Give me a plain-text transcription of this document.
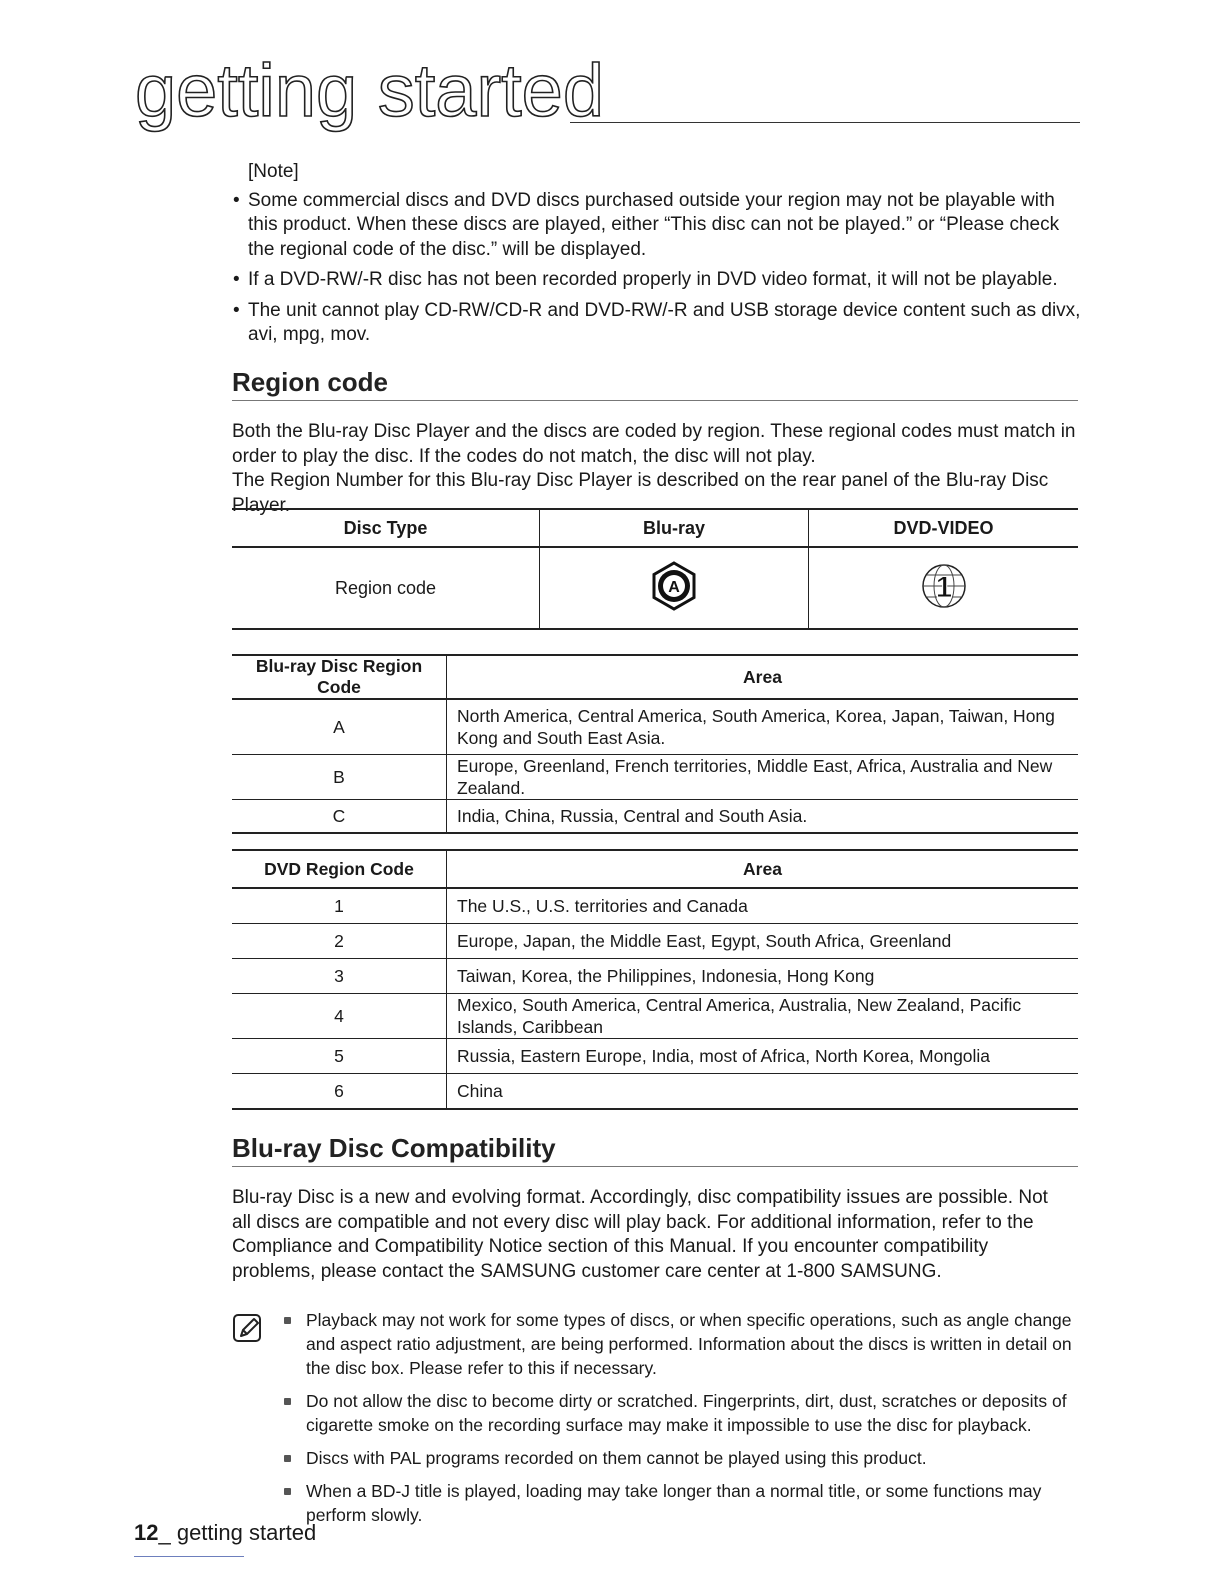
getting started
[Note]
• Some commercial discs and DVD discs purchased outside your region may not be playable with this product. When these discs are played, either “This disc can not be played.” or “Please check the regional code of the disc.” will be displayed.
• If a DVD-RW/-R disc has not been recorded properly in DVD video format, it will not be playable.
• The unit cannot play CD-RW/CD-R and DVD-RW/-R and USB storage device content such as divx, avi, mpg, mov.
Region code
Both the Blu-ray Disc Player and the discs are coded by region. These regional codes must match in order to play the disc. If the codes do not match, the disc will not play.
The Region Number for this Blu-ray Disc Player is described on the rear panel of the Blu-ray Disc Player.
Disc Type	Blu-ray	DVD-VIDEO
Region code	A	1
Blu-ray Disc Region Code	Area
A	North America, Central America, South America, Korea, Japan, Taiwan, Hong Kong and South East Asia.
B	Europe, Greenland, French territories, Middle East, Africa, Australia and New Zealand.
C	India, China, Russia, Central and South Asia.
DVD Region Code	Area
1	The U.S., U.S. territories and Canada
2	Europe, Japan, the Middle East, Egypt, South Africa, Greenland
3	Taiwan, Korea, the Philippines, Indonesia, Hong Kong
4	Mexico, South America, Central America, Australia, New Zealand, Pacific Islands, Caribbean
5	Russia, Eastern Europe, India, most of Africa, North Korea, Mongolia
6	China
Blu-ray Disc Compatibility
Blu-ray Disc is a new and evolving format. Accordingly, disc compatibility issues are possible. Not all discs are compatible and not every disc will play back. For additional information, refer to the Compliance and Compatibility Notice section of this Manual. If you encounter compatibility problems, please contact the SAMSUNG customer care center at 1-800 SAMSUNG.
Playback may not work for some types of discs, or when specific operations, such as angle change and aspect ratio adjustment, are being performed. Information about the discs is written in detail on the disc box. Please refer to this if necessary.
Do not allow the disc to become dirty or scratched. Fingerprints, dirt, dust, scratches or deposits of cigarette smoke on the recording surface may make it impossible to use the disc for playback.
Discs with PAL programs recorded on them cannot be played using this product.
When a BD-J title is played, loading may take longer than a normal title, or some functions may perform slowly.
12_ getting started
